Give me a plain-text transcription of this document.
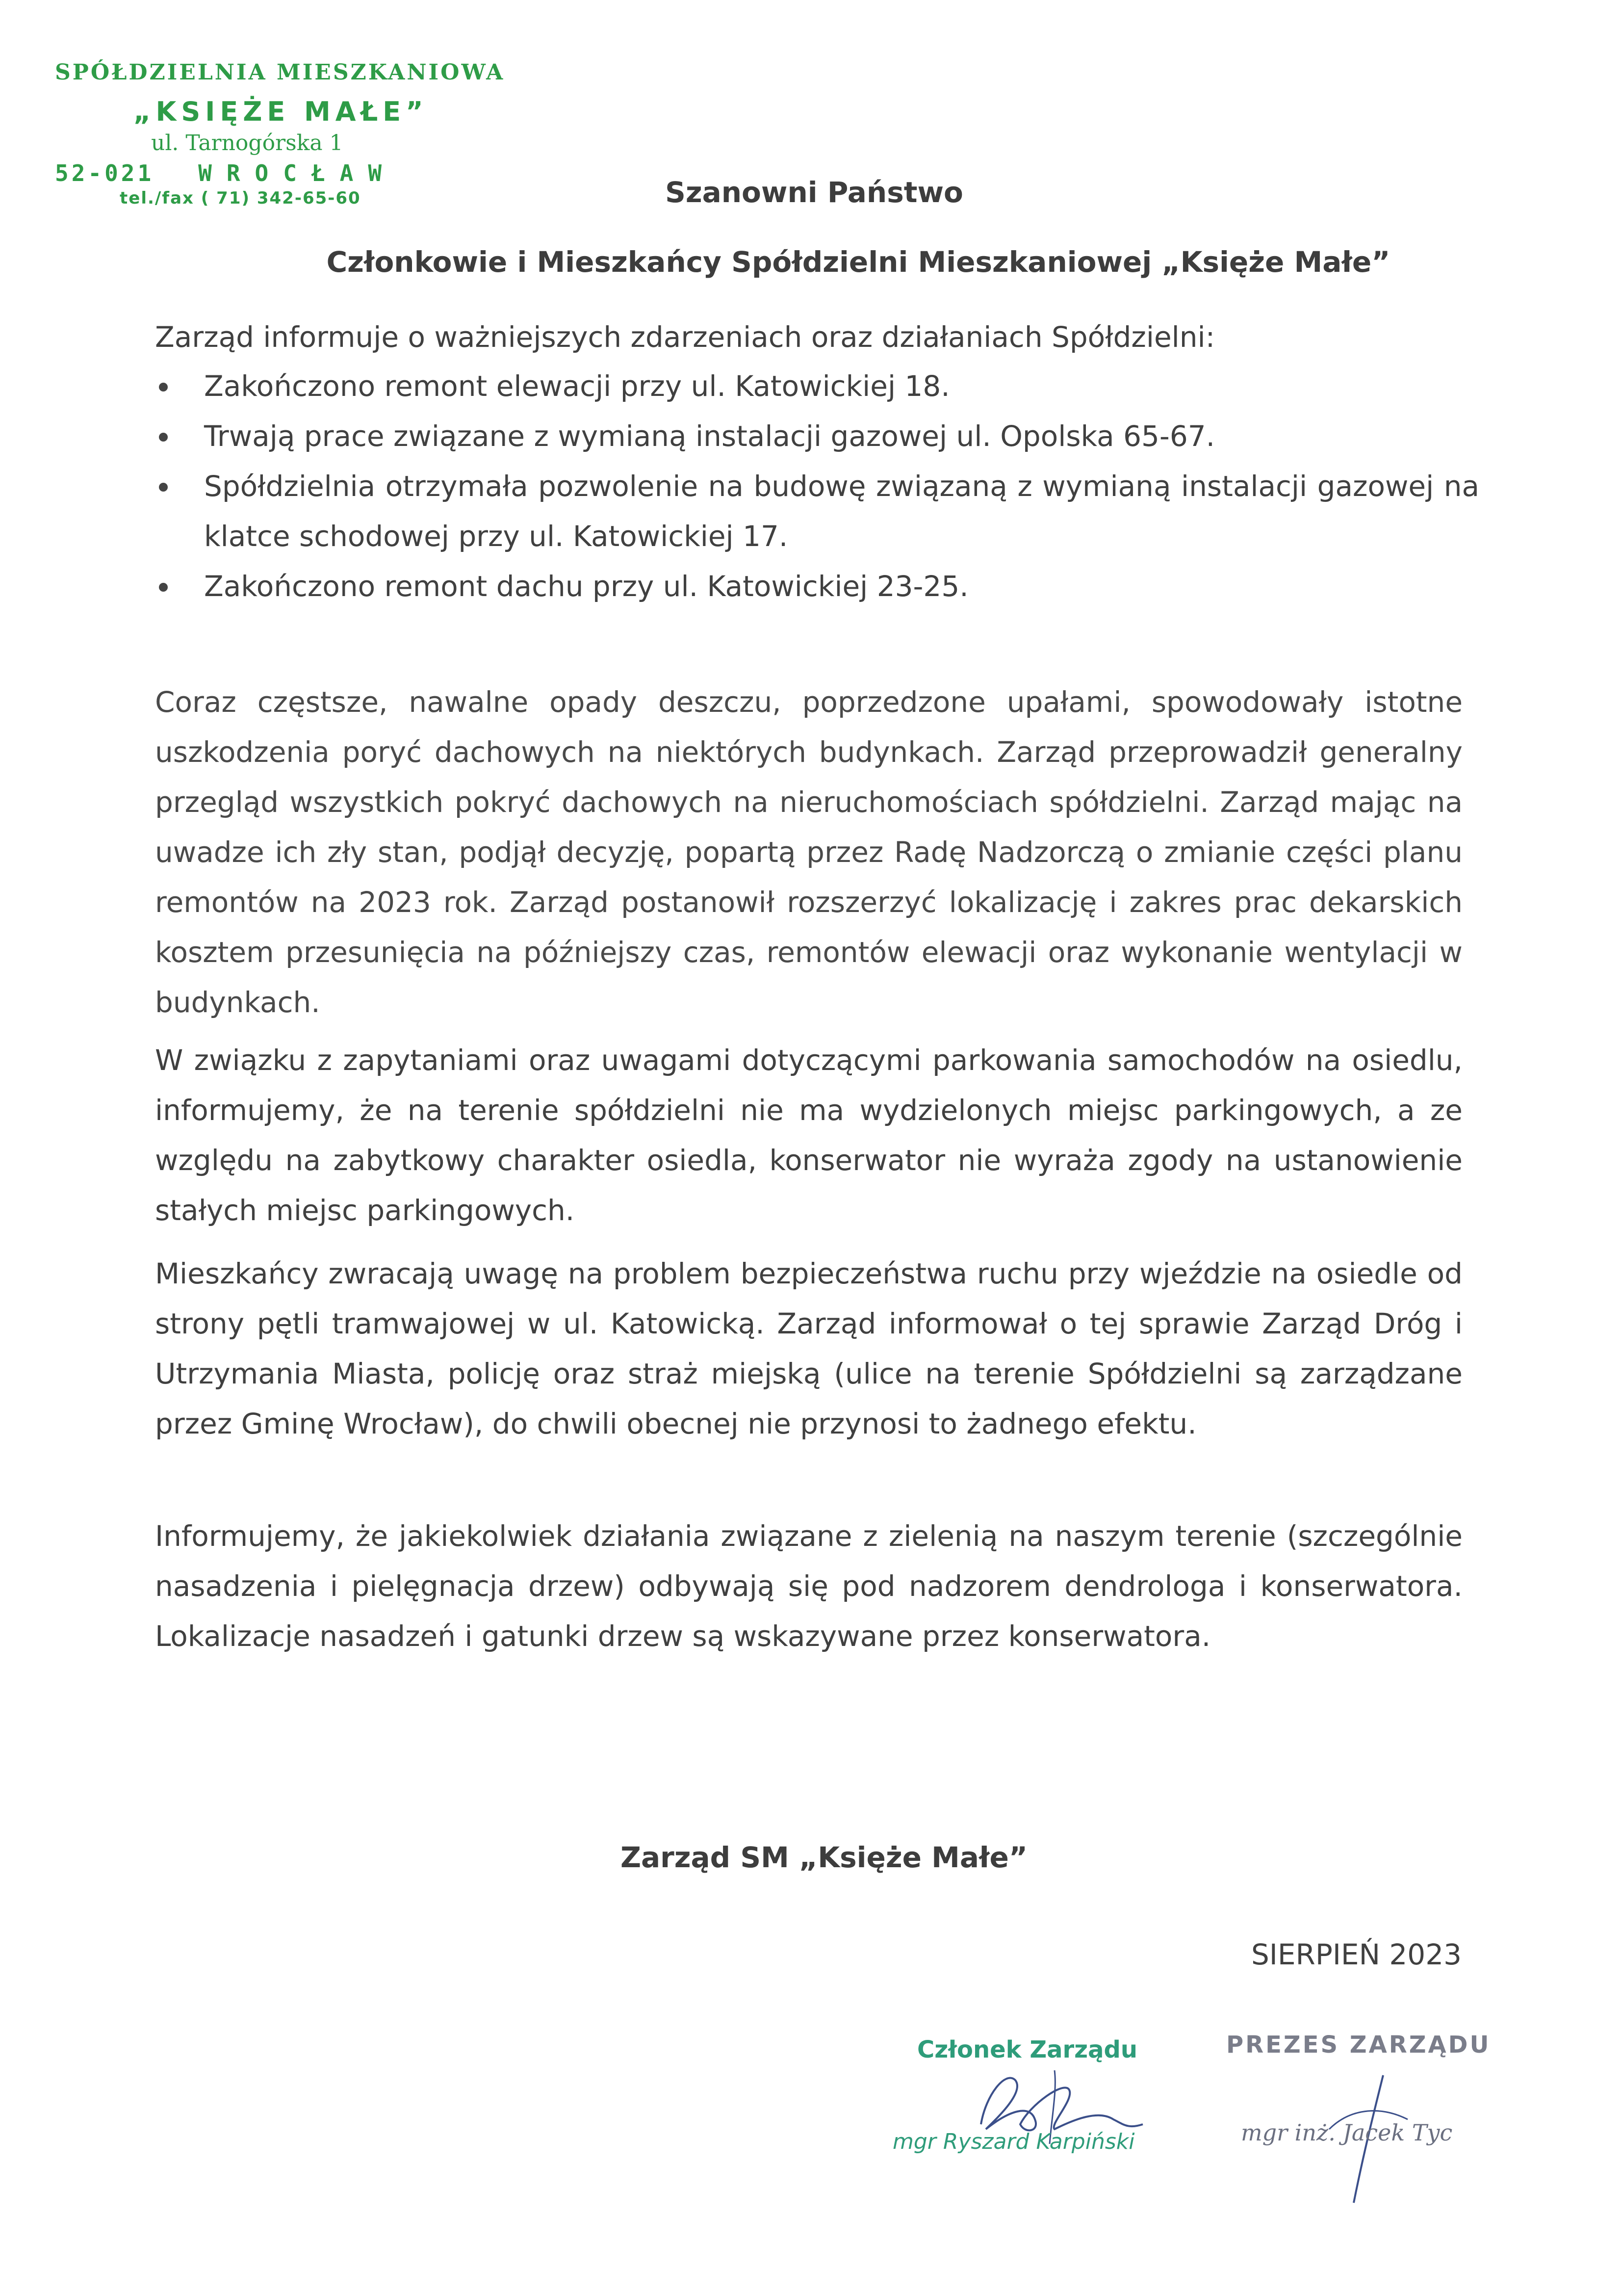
SPÓŁDZIELNIA MIESZKANIOWA
„KSIĘŻE MAŁE”
ul. Tarnogórska 1
52-021 WROCŁAW
tel./fax ( 71) 342-65-60	Szanowni Państwo
Członkowie i Mieszkańcy Spółdzielni Mieszkaniowej „Księże Małe”
Zarząd informuje o ważniejszych zdarzeniach oraz działaniach Spółdzielni:
Zakończono remont elewacji przy ul. Katowickiej 18.
Trwają prace związane z wymianą instalacji gazowej ul. Opolska 65-67.
Spółdzielnia otrzymała pozwolenie na budowę związaną z wymianą instalacji gazowej na klatce schodowej przy ul. Katowickiej 17.
Zakończono remont dachu przy ul. Katowickiej 23-25.

Coraz częstsze, nawalne opady deszczu, poprzedzone upałami, spowodowały istotne uszkodzenia poryć dachowych na niektórych budynkach. Zarząd przeprowadził generalny przegląd wszystkich pokryć dachowych na nieruchomościach spółdzielni. Zarząd mając na uwadze ich zły stan, podjął decyzję, popartą przez Radę Nadzorczą o zmianie części planu remontów na 2023 rok. Zarząd postanowił rozszerzyć lokalizację i zakres prac dekarskich kosztem przesunięcia na późniejszy czas, remontów elewacji oraz wykonanie wentylacji w budynkach.

W związku z zapytaniami oraz uwagami dotyczącymi parkowania samochodów na osiedlu, informujemy, że na terenie spółdzielni nie ma wydzielonych miejsc parkingowych, a ze względu na zabytkowy charakter osiedla, konserwator nie wyraża zgody na ustanowienie stałych miejsc parkingowych.

Mieszkańcy zwracają uwagę na problem bezpieczeństwa ruchu przy wjeździe na osiedle od strony pętli tramwajowej w ul. Katowicką. Zarząd informował o tej sprawie Zarząd Dróg i Utrzymania Miasta, policję oraz straż miejską (ulice na terenie Spółdzielni są zarządzane przez Gminę Wrocław), do chwili obecnej nie przynosi to żadnego efektu.

Informujemy, że jakiekolwiek działania związane z zielenią na naszym terenie (szczególnie nasadzenia i pielęgnacja drzew) odbywają się pod nadzorem dendrologa i konserwatora. Lokalizacje nasadzeń i gatunki drzew są wskazywane przez konserwatora.

Zarząd SM „Księże Małe”
SIERPIEŃ 2023
Członek Zarządu
mgr Ryszard Karpiński
PREZES ZARZĄDU
mgr inż. Jacek Tyc
